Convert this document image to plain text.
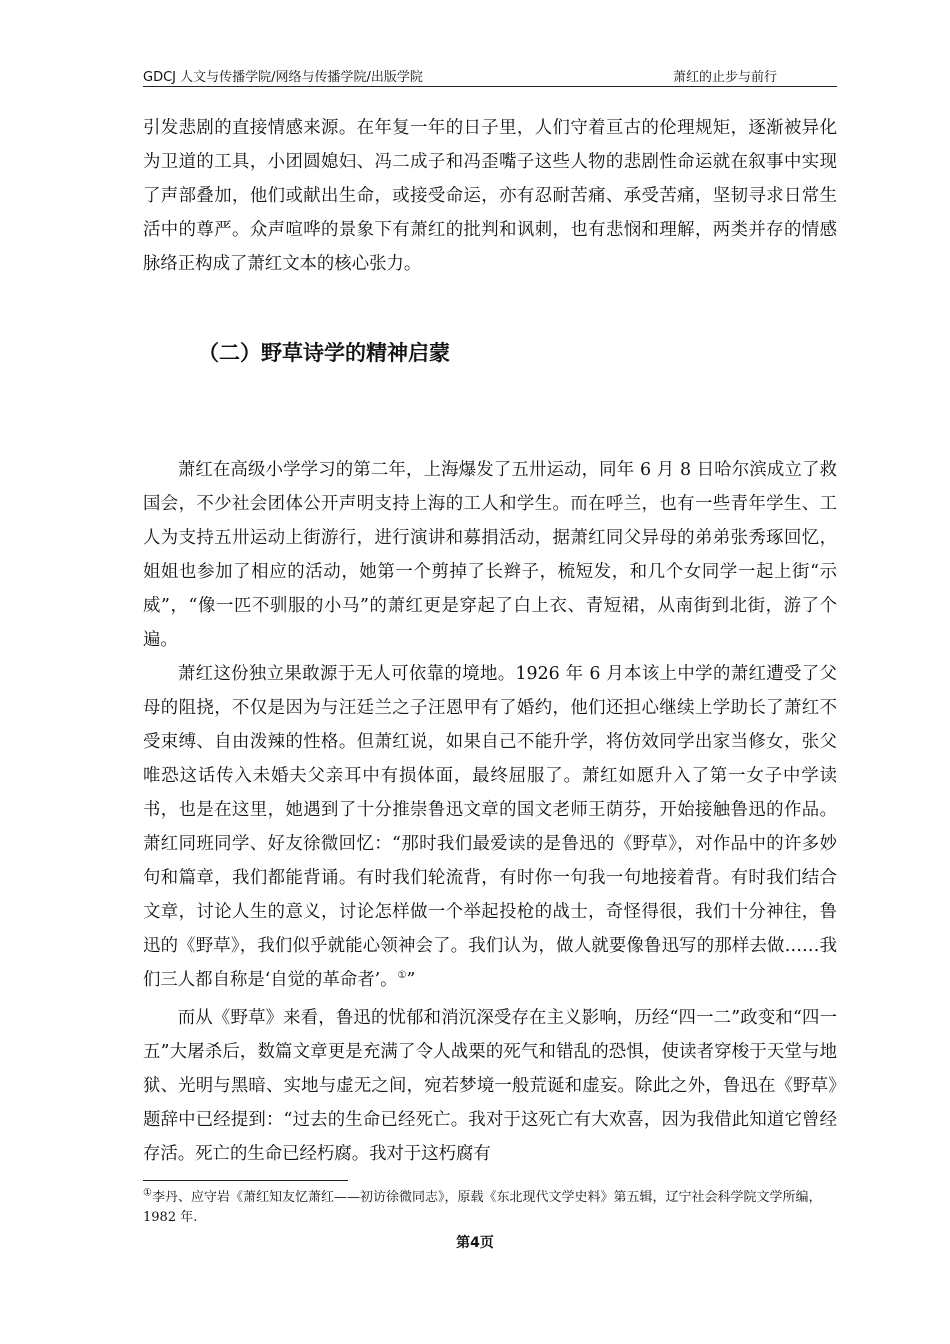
GDCJ 人文与传播学院/网络与传播学院/出版学院	萧红的止步与前行

引发悲剧的直接情感来源。在年复一年的日子里，人们守着亘古的伦理规矩，逐渐被异化为卫道的工具，小团圆媳妇、冯二成子和冯歪嘴子这些人物的悲剧性命运就在叙事中实现了声部叠加，他们或献出生命，或接受命运，亦有忍耐苦痛、承受苦痛，坚韧寻求日常生活中的尊严。众声喧哗的景象下有萧红的批判和讽刺，也有悲悯和理解，两类并存的情感脉络正构成了萧红文本的核心张力。

（二）野草诗学的精神启蒙

萧红在高级小学学习的第二年，上海爆发了五卅运动，同年 6 月 8 日哈尔滨成立了救国会，不少社会团体公开声明支持上海的工人和学生。而在呼兰，也有一些青年学生、工人为支持五卅运动上街游行，进行演讲和募捐活动，据萧红同父异母的弟弟张秀琢回忆，姐姐也参加了相应的活动，她第一个剪掉了长辫子，梳短发，和几个女同学一起上街“示威”，“像一匹不驯服的小马”的萧红更是穿起了白上衣、青短裙，从南街到北街，游了个遍。

萧红这份独立果敢源于无人可依靠的境地。1926 年 6 月本该上中学的萧红遭受了父母的阻挠，不仅是因为与汪廷兰之子汪恩甲有了婚约，他们还担心继续上学助长了萧红不受束缚、自由泼辣的性格。但萧红说，如果自己不能升学，将仿效同学出家当修女，张父唯恐这话传入未婚夫父亲耳中有损体面，最终屈服了。萧红如愿升入了第一女子中学读书，也是在这里，她遇到了十分推崇鲁迅文章的国文老师王荫芬，开始接触鲁迅的作品。萧红同班同学、好友徐微回忆：“那时我们最爱读的是鲁迅的《野草》，对作品中的许多妙句和篇章，我们都能背诵。有时我们轮流背，有时你一句我一句地接着背。有时我们结合文章，讨论人生的意义，讨论怎样做一个举起投枪的战士，奇怪得很，我们十分神往，鲁迅的《野草》，我们似乎就能心领神会了。我们认为，做人就要像鲁迅写的那样去做……我们三人都自称是‘自觉的革命者’。①”

而从《野草》来看，鲁迅的忧郁和消沉深受存在主义影响，历经“四一二”政变和“四一五”大屠杀后，数篇文章更是充满了令人战栗的死气和错乱的恐惧，使读者穿梭于天堂与地狱、光明与黑暗、实地与虚无之间，宛若梦境一般荒诞和虚妄。除此之外，鲁迅在《野草》题辞中已经提到：“过去的生命已经死亡。我对于这死亡有大欢喜，因为我借此知道它曾经存活。死亡的生命已经朽腐。我对于这朽腐有

①李丹、应守岩《萧红知友忆萧红——初访徐微同志》，原载《东北现代文学史料》第五辑，辽宁社会科学院文学所编，1982 年.

第4页
